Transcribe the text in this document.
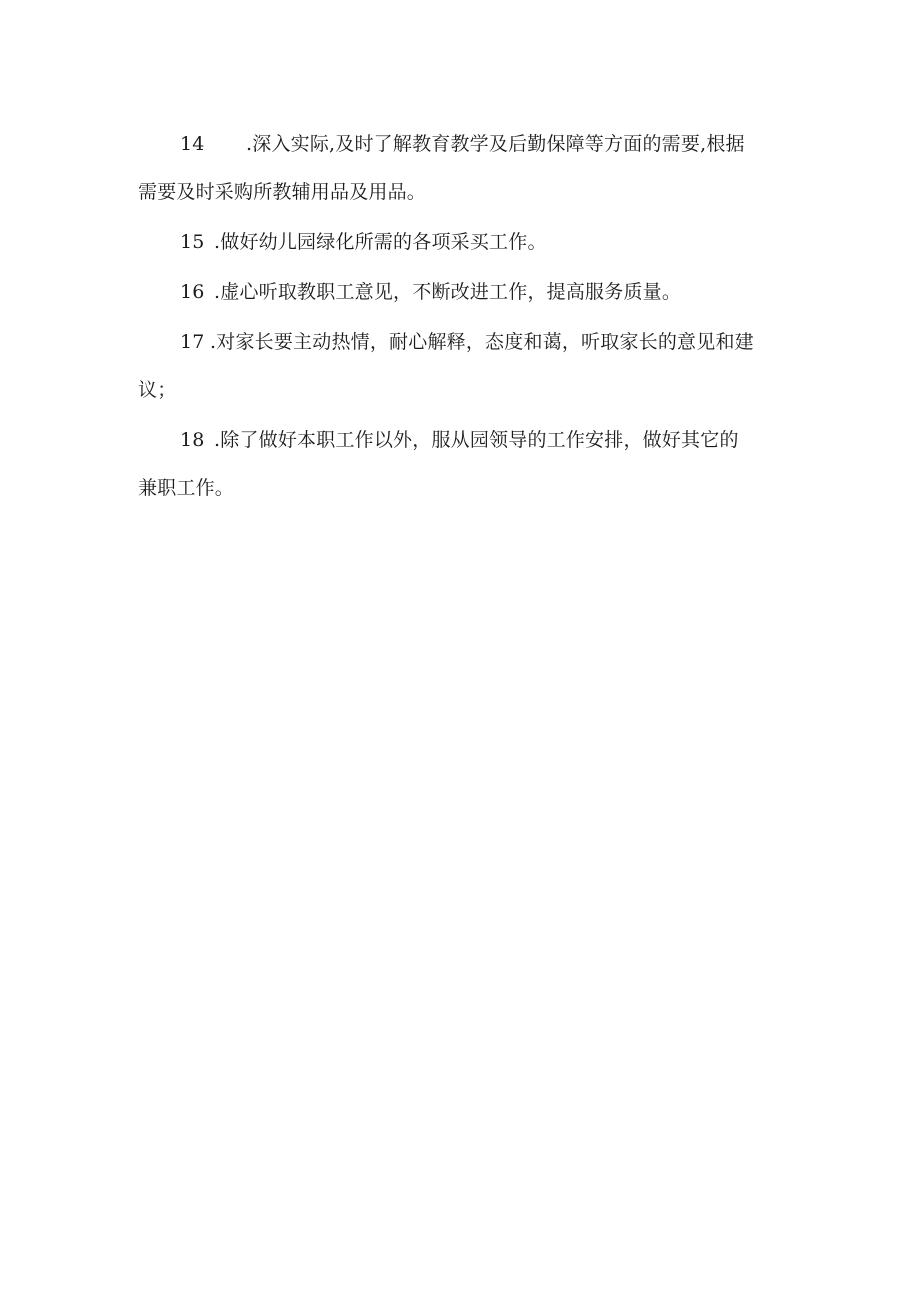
14 .深入实际,及时了解教育教学及后勤保障等方面的需要,根据
需要及时采购所教辅用品及用品。
15 .做好幼儿园绿化所需的各项采买工作。
16 .虚心听取教职工意见，不断改进工作，提高服务质量。
17 .对家长要主动热情，耐心解释，态度和蔼，听取家长的意见和建
议；
18 .除了做好本职工作以外，服从园领导的工作安排，做好其它的
兼职工作。
